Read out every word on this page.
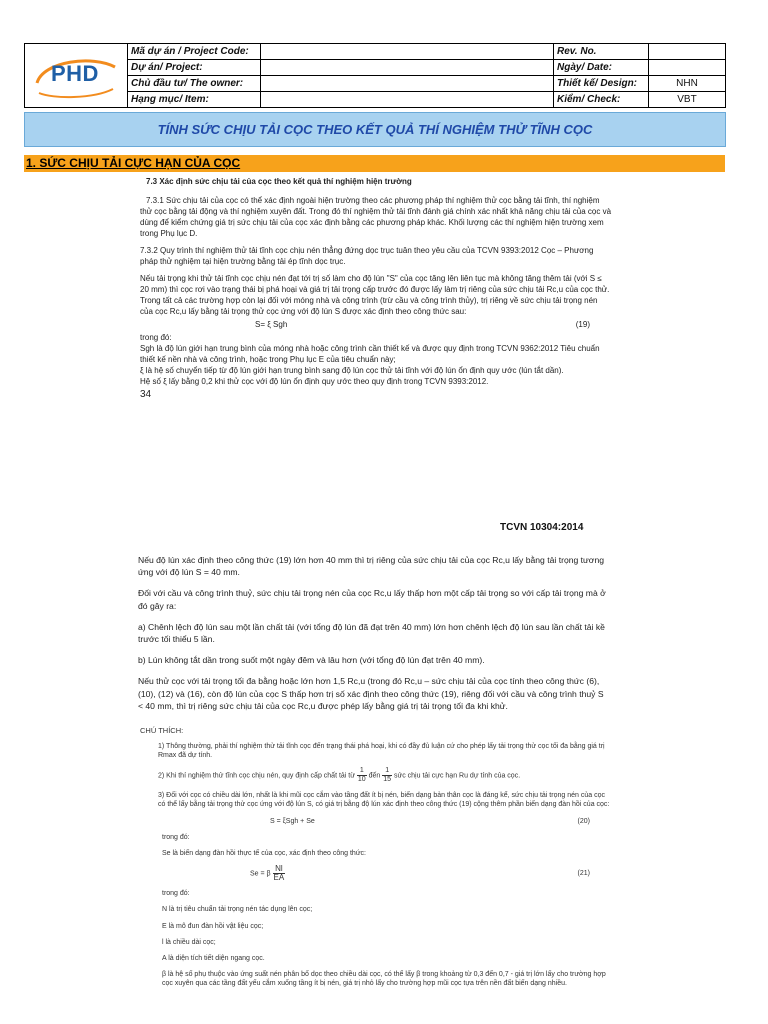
PHD	Mã dự án / Project Code:		Rev. No.	
	Dự án/ Project:		Ngày/ Date:	
	Chủ đầu tư/ The owner:		Thiết kế/ Design:	NHN
	Hạng mục/ Item:		Kiểm/ Check:	VBT
TÍNH SỨC CHỊU TẢI CỌC THEO KẾT QUẢ THÍ NGHIỆM THỬ TĨNH CỌC
1. SỨC CHỊU TẢI CỰC HẠN CỦA CỌC

7.3 Xác định sức chịu tải của cọc theo kết quả thí nghiệm hiện trường

7.3.1 Sức chịu tải của cọc có thể xác định ngoài hiện trường theo các phương pháp thí nghiệm thử cọc bằng tải tĩnh, thí nghiệm thử cọc bằng tải động và thí nghiệm xuyên đất. Trong đó thí nghiệm thử tải tĩnh đánh giá chính xác nhất khả năng chịu tải của cọc và dùng để kiểm chứng giá trị sức chịu tải của cọc xác định bằng các phương pháp khác. Khối lượng các thí nghiệm hiện trường xem trong Phụ lục D.

7.3.2 Quy trình thí nghiệm thử tải tĩnh cọc chịu nén thẳng đứng dọc trục tuân theo yêu cầu của TCVN 9393:2012 Cọc – Phương pháp thử nghiệm tại hiện trường bằng tải ép tĩnh dọc trục.

Nếu tải trọng khi thử tải tĩnh cọc chịu nén đạt tới trị số làm cho độ lún "S" của cọc tăng lên liên tục mà không tăng thêm tải (với S ≤ 20 mm) thì cọc rơi vào trạng thái bị phá hoại và giá trị tải trọng cấp trước đó được lấy làm trị riêng của sức chịu tải Rc,u của cọc thử.

Trong tất cả các trường hợp còn lại đối với móng nhà và công trình (trừ cầu và công trình thủy), trị riêng về sức chịu tải trọng nén của cọc Rc,u lấy bằng tải trọng thử cọc ứng với độ lún S được xác định theo công thức sau:

S= ξ Sgh	(19)

trong đó:

Sgh là độ lún giới hạn trung bình của móng nhà hoặc công trình cần thiết kế và được quy định trong TCVN 9362:2012 Tiêu chuẩn thiết kế nền nhà và công trình, hoặc trong Phụ lục E của tiêu chuẩn này;

ξ là hệ số chuyển tiếp từ độ lún giới hạn trung bình sang độ lún cọc thử tải tĩnh với độ lún ổn định quy ước (lún tắt dần).

Hệ số ξ lấy bằng 0,2 khi thử cọc với độ lún ổn định quy ước theo quy định trong TCVN 9393:2012.

34

TCVN 10304:2014

Nếu độ lún xác định theo công thức (19) lớn hơn 40 mm thì trị riêng của sức chịu tải của cọc Rc,u lấy bằng tải trọng tương ứng với độ lún S = 40 mm.

Đối với cầu và công trình thuỷ, sức chịu tải trọng nén của cọc Rc,u lấy thấp hơn một cấp tải trọng so với cấp tải trọng mà ở đó gây ra:

a) Chênh lệch độ lún sau một lần chất tải (với tổng độ lún đã đạt trên 40 mm) lớn hơn chênh lệch độ lún sau lần chất tải kề trước tối thiểu 5 lần.

b) Lún không tắt dần trong suốt một ngày đêm và lâu hơn (với tổng độ lún đạt trên 40 mm).

Nếu thử cọc với tải trọng tối đa bằng hoặc lớn hơn 1,5 Rc,u (trong đó Rc,u – sức chịu tải của cọc tính theo công thức (6), (10), (12) và (16), còn độ lún của cọc S thấp hơn trị số xác định theo công thức (19), riêng đối với cầu và công trình thuỷ S < 40 mm, thì trị riêng sức chịu tải của cọc Rc,u được phép lấy bằng giá trị tải trọng tối đa khi khử.

CHÚ THÍCH:

1) Thông thường, phải thí nghiệm thử tải tĩnh cọc đến trạng thái phá hoại, khi có đầy đủ luận cứ cho phép lấy tải trọng thử cọc tối đa bằng giá trị Rmax đã dự tính.

2) Khi thí nghiệm thử tĩnh cọc chịu nén, quy định cấp chất tải từ $\frac{1}{10}$ đến $\frac{1}{15}$ sức chịu tải cực hạn Ru dự tính của cọc.

3) Đối với cọc có chiều dài lớn, nhất là khi mũi cọc cắm vào tầng đất ít bị nén, biến dạng bản thân cọc là đáng kể, sức chịu tải trọng nén của cọc có thể lấy bằng tải trọng thử cọc ứng với độ lún S, có giá trị bằng độ lún xác định theo công thức (19) cộng thêm phần biến dạng đàn hồi của cọc:

S = ξSgh + Se	(20)

trong đó:

Se là biến dạng đàn hồi thực tế của cọc, xác định theo công thức:

Se = β $\frac{Nl}{EA}$	(21)

trong đó:

N là trị tiêu chuẩn tải trọng nén tác dụng lên cọc;

E là mô đun đàn hồi vật liệu cọc;

l là chiều dài cọc;

A là diện tích tiết diện ngang cọc.

β là hệ số phụ thuộc vào ứng suất nén phân bố dọc theo chiều dài cọc, có thể lấy β trong khoảng từ 0,3 đến 0,7 - giá trị lớn lấy cho trường hợp cọc xuyên qua các tầng đất yếu cắm xuống tầng ít bị nén, giá trị nhỏ lấy cho trường hợp mũi cọc tựa trên nền đất biến dạng nhiều.
